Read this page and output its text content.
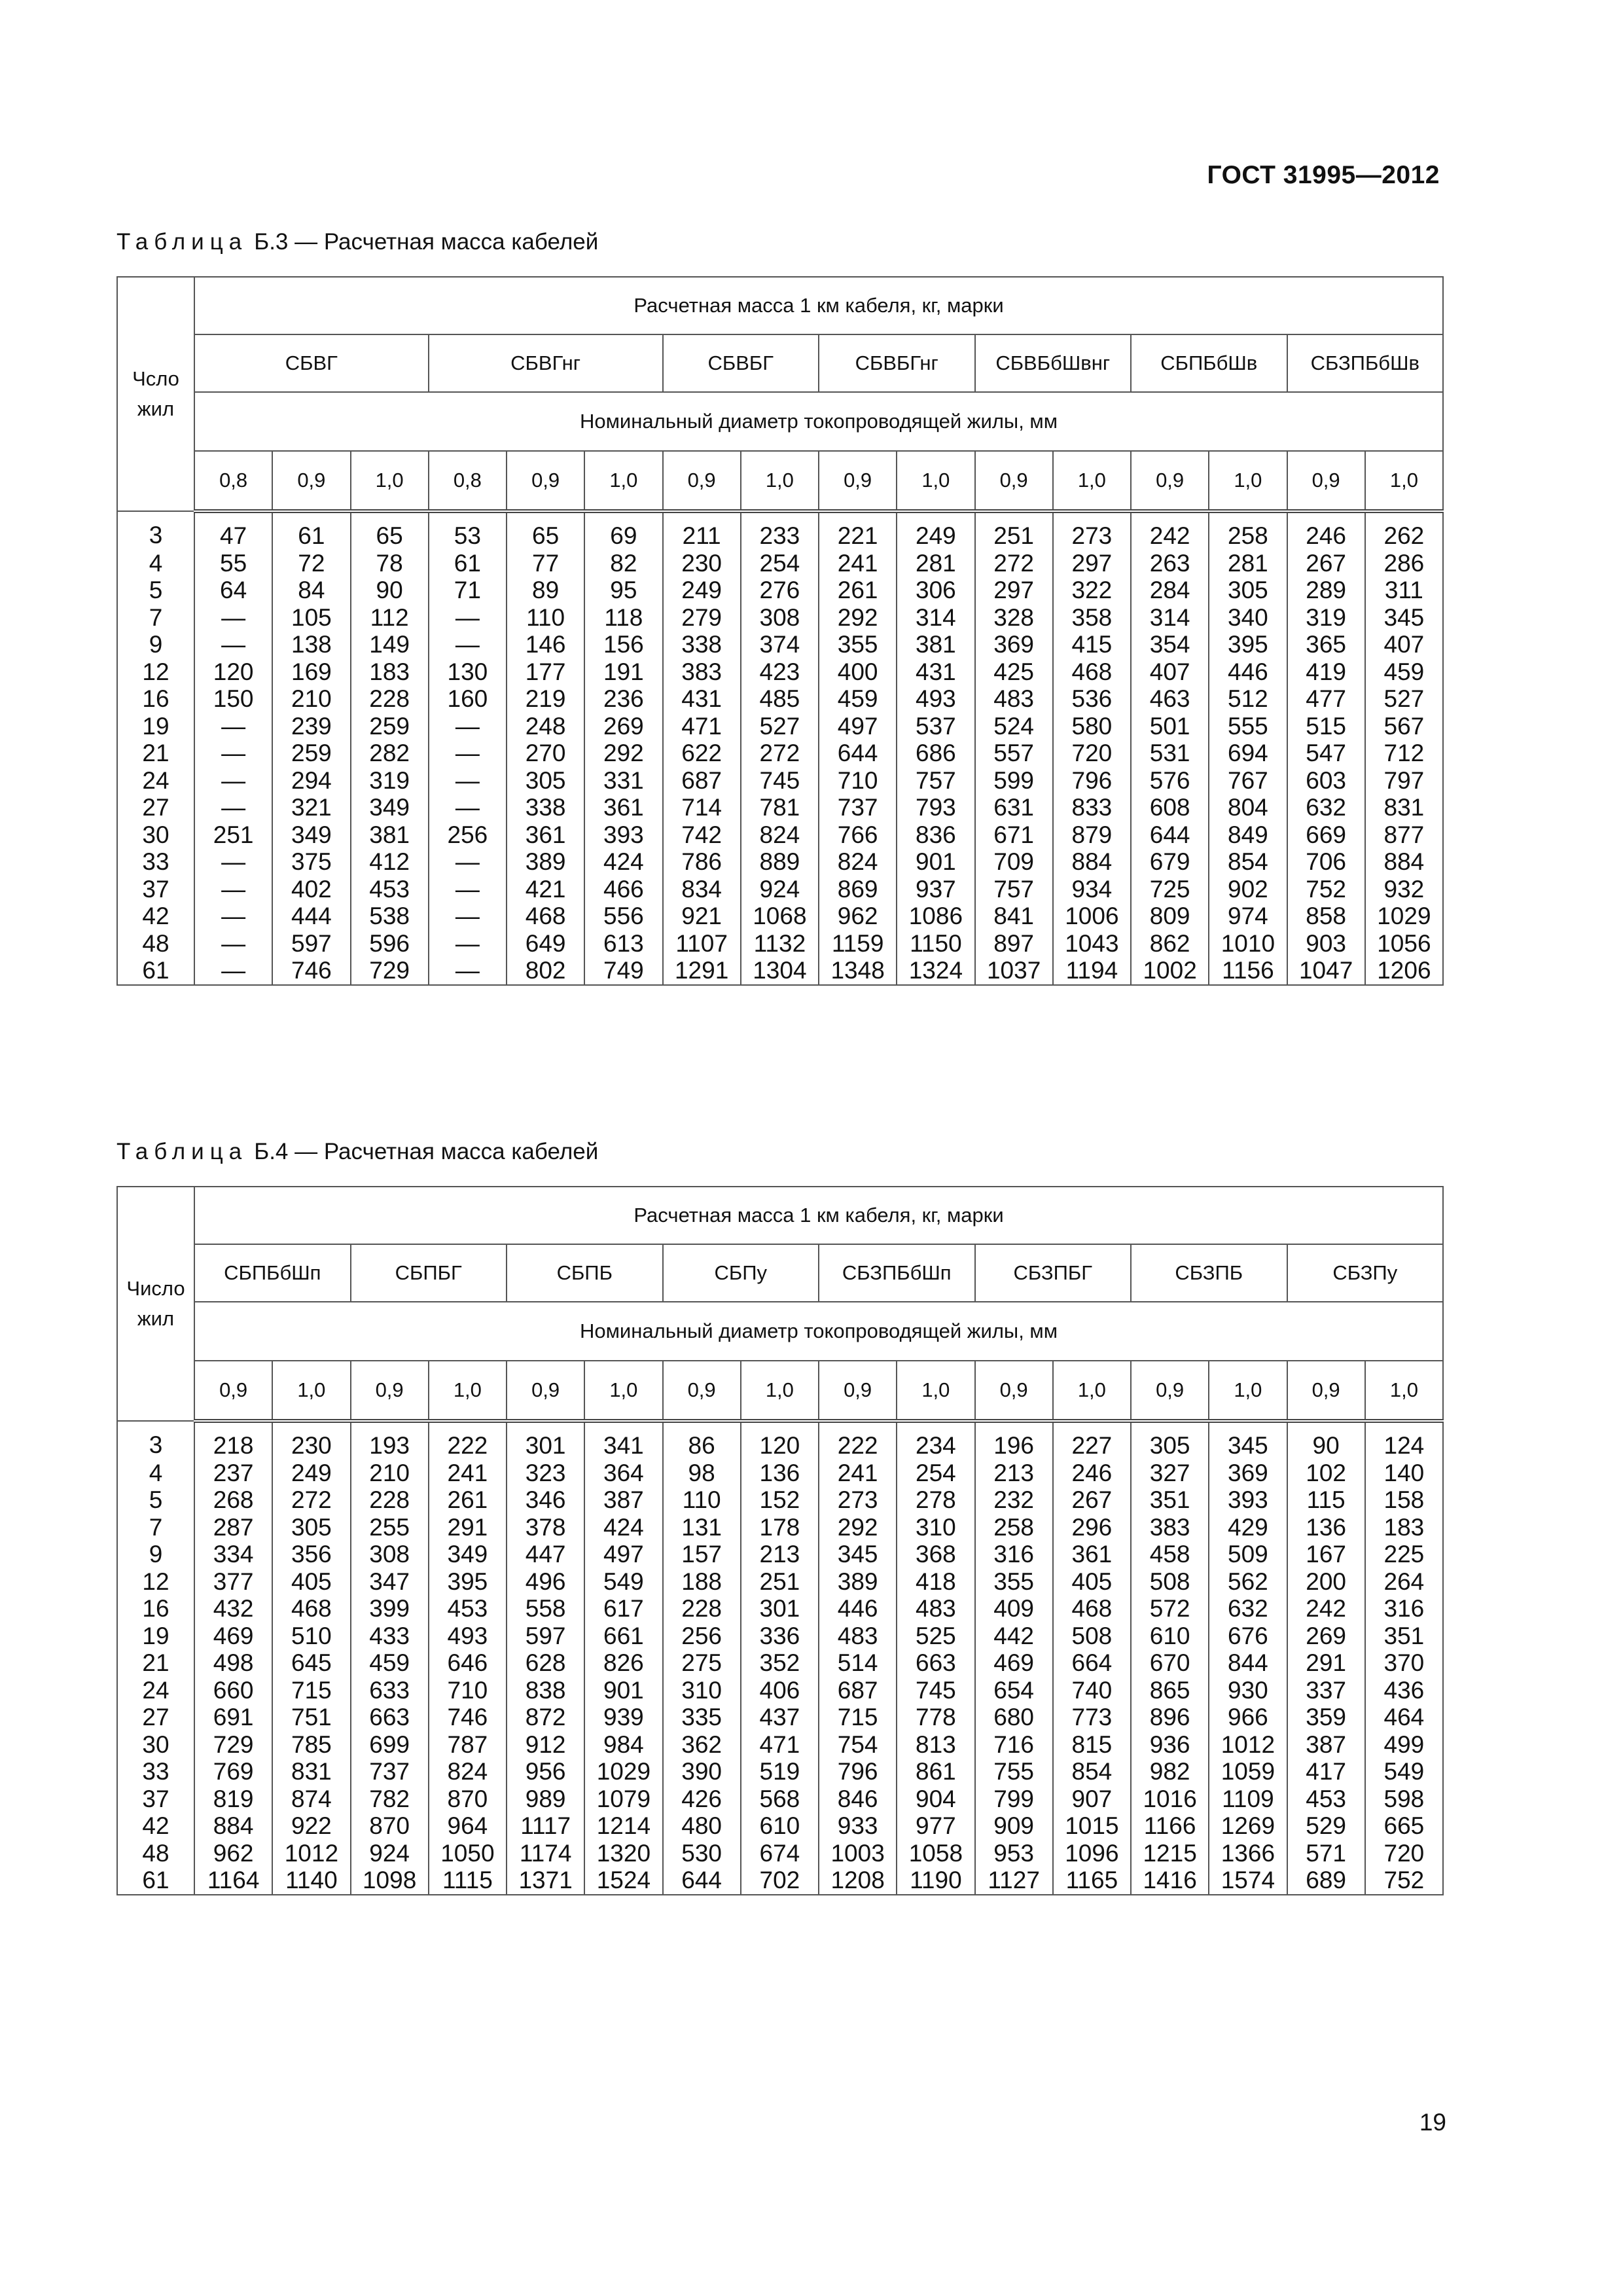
ГОСТ 31995—2012
Таблица Б.3 — Расчетная масса кабелей
Чсло жил	Расчетная масса 1 км кабеля, кг, марки															
	СБВГ			СБВГнг			СБВБГ		СБВБГнг		СБВБбШвнг		СБПБбШв		СБЗПБбШв	
	Номинальный диаметр токопроводящей жилы, мм															
	0,8	0,9	1,0	0,8	0,9	1,0	0,9	1,0	0,9	1,0	0,9	1,0	0,9	1,0	0,9	1,0
3	47	61	65	53	65	69	211	233	221	249	251	273	242	258	246	262
4	55	72	78	61	77	82	230	254	241	281	272	297	263	281	267	286
5	64	84	90	71	89	95	249	276	261	306	297	322	284	305	289	311
7	—	105	112	—	110	118	279	308	292	314	328	358	314	340	319	345
9	—	138	149	—	146	156	338	374	355	381	369	415	354	395	365	407
12	120	169	183	130	177	191	383	423	400	431	425	468	407	446	419	459
16	150	210	228	160	219	236	431	485	459	493	483	536	463	512	477	527
19	—	239	259	—	248	269	471	527	497	537	524	580	501	555	515	567
21	—	259	282	—	270	292	622	272	644	686	557	720	531	694	547	712
24	—	294	319	—	305	331	687	745	710	757	599	796	576	767	603	797
27	—	321	349	—	338	361	714	781	737	793	631	833	608	804	632	831
30	251	349	381	256	361	393	742	824	766	836	671	879	644	849	669	877
33	—	375	412	—	389	424	786	889	824	901	709	884	679	854	706	884
37	—	402	453	—	421	466	834	924	869	937	757	934	725	902	752	932
42	—	444	538	—	468	556	921	1068	962	1086	841	1006	809	974	858	1029
48	—	597	596	—	649	613	1107	1132	1159	1150	897	1043	862	1010	903	1056
61	—	746	729	—	802	749	1291	1304	1348	1324	1037	1194	1002	1156	1047	1206
Таблица Б.4 — Расчетная масса кабелей
Число жил	Расчетная масса 1 км кабеля, кг, марки															
	СБПБбШп		СБПБГ		СБПБ		СБПу		СБЗПБбШп		СБЗПБГ		СБЗПБ		СБЗПу	
	Номинальный диаметр токопроводящей жилы, мм															
	0,9	1,0	0,9	1,0	0,9	1,0	0,9	1,0	0,9	1,0	0,9	1,0	0,9	1,0	0,9	1,0
3	218	230	193	222	301	341	86	120	222	234	196	227	305	345	90	124
4	237	249	210	241	323	364	98	136	241	254	213	246	327	369	102	140
5	268	272	228	261	346	387	110	152	273	278	232	267	351	393	115	158
7	287	305	255	291	378	424	131	178	292	310	258	296	383	429	136	183
9	334	356	308	349	447	497	157	213	345	368	316	361	458	509	167	225
12	377	405	347	395	496	549	188	251	389	418	355	405	508	562	200	264
16	432	468	399	453	558	617	228	301	446	483	409	468	572	632	242	316
19	469	510	433	493	597	661	256	336	483	525	442	508	610	676	269	351
21	498	645	459	646	628	826	275	352	514	663	469	664	670	844	291	370
24	660	715	633	710	838	901	310	406	687	745	654	740	865	930	337	436
27	691	751	663	746	872	939	335	437	715	778	680	773	896	966	359	464
30	729	785	699	787	912	984	362	471	754	813	716	815	936	1012	387	499
33	769	831	737	824	956	1029	390	519	796	861	755	854	982	1059	417	549
37	819	874	782	870	989	1079	426	568	846	904	799	907	1016	1109	453	598
42	884	922	870	964	1117	1214	480	610	933	977	909	1015	1166	1269	529	665
48	962	1012	924	1050	1174	1320	530	674	1003	1058	953	1096	1215	1366	571	720
61	1164	1140	1098	1115	1371	1524	644	702	1208	1190	1127	1165	1416	1574	689	752
19
